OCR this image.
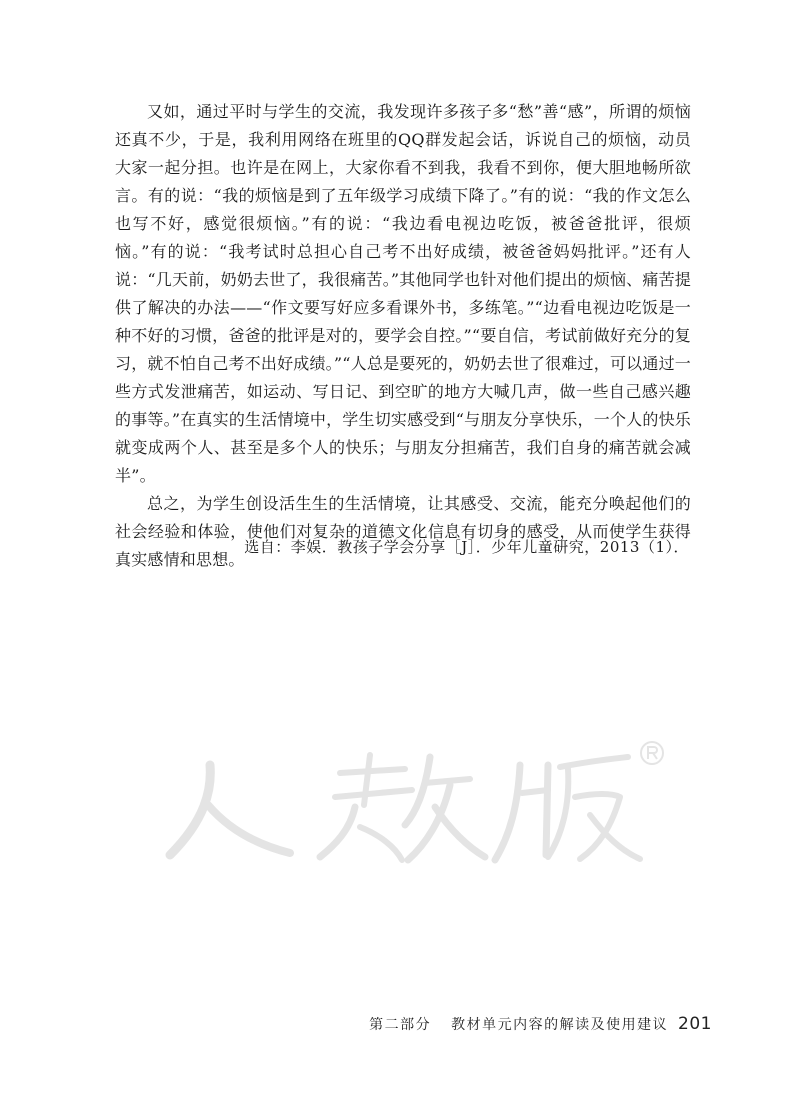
又如，通过平时与学生的交流，我发现许多孩子多“愁”善“感”，所谓的烦恼还真不少，于是，我利用网络在班里的QQ群发起会话，诉说自己的烦恼，动员大家一起分担。也许是在网上，大家你看不到我，我看不到你，便大胆地畅所欲言。有的说：“我的烦恼是到了五年级学习成绩下降了。”有的说：“我的作文怎么也写不好，感觉很烦恼。”有的说：“我边看电视边吃饭，被爸爸批评，很烦恼。”有的说：“我考试时总担心自己考不出好成绩，被爸爸妈妈批评。”还有人说：“几天前，奶奶去世了，我很痛苦。”其他同学也针对他们提出的烦恼、痛苦提供了解决的办法——“作文要写好应多看课外书，多练笔。”“边看电视边吃饭是一种不好的习惯，爸爸的批评是对的，要学会自控。”“要自信，考试前做好充分的复习，就不怕自己考不出好成绩。”“人总是要死的，奶奶去世了很难过，可以通过一些方式发泄痛苦，如运动、写日记、到空旷的地方大喊几声，做一些自己感兴趣的事等。”在真实的生活情境中，学生切实感受到“与朋友分享快乐，一个人的快乐就变成两个人、甚至是多个人的快乐；与朋友分担痛苦，我们自身的痛苦就会减半”。

总之，为学生创设活生生的生活情境，让其感受、交流，能充分唤起他们的社会经验和体验，使他们对复杂的道德文化信息有切身的感受，从而使学生获得真实感情和思想。

选自：李娱．教孩子学会分享［J］．少年儿童研究，2013（1）．
第二部分 教材单元内容的解读及使用建议 201
